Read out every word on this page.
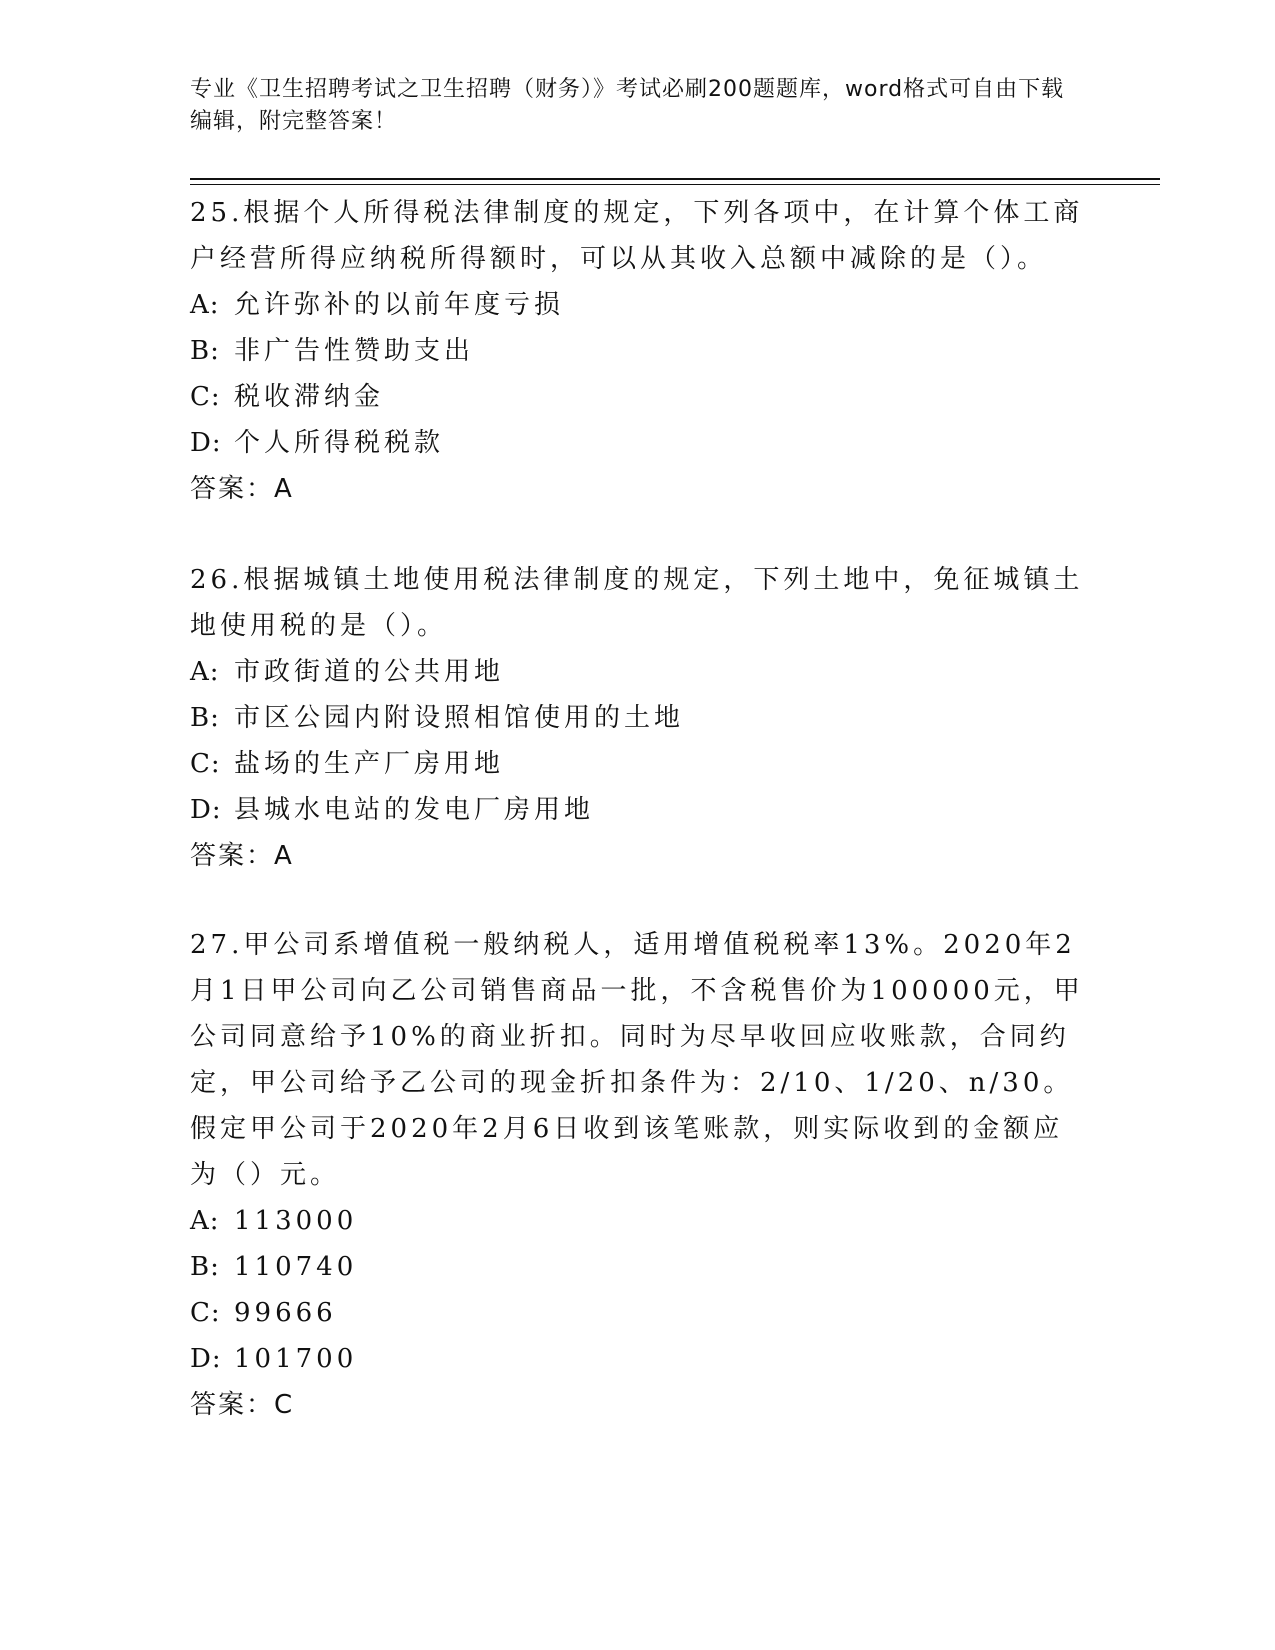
专业《卫生招聘考试之卫生招聘（财务）》考试必刷200题题库，word格式可自由下载编辑，附完整答案！

25.根据个人所得税法律制度的规定，下列各项中，在计算个体工商户经营所得应纳税所得额时，可以从其收入总额中减除的是（）。

A: 允许弥补的以前年度亏损

B: 非广告性赞助支出

C: 税收滞纳金

D: 个人所得税税款

答案：A

26.根据城镇土地使用税法律制度的规定，下列土地中，免征城镇土地使用税的是（）。

A: 市政街道的公共用地

B: 市区公园内附设照相馆使用的土地

C: 盐场的生产厂房用地

D: 县城水电站的发电厂房用地

答案：A

27.甲公司系增值税一般纳税人，适用增值税税率13%。2020年2月1日甲公司向乙公司销售商品一批，不含税售价为100000元，甲公司同意给予10%的商业折扣。同时为尽早收回应收账款，合同约定，甲公司给予乙公司的现金折扣条件为：2/10、1/20、n/30。假定甲公司于2020年2月6日收到该笔账款，则实际收到的金额应为（）元。

A: 113000

B: 110740

C: 99666

D: 101700

答案：C
